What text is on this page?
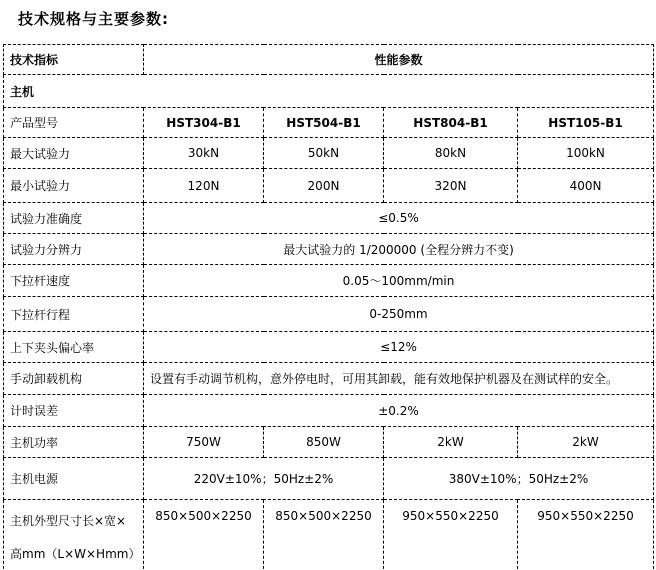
技术规格与主要参数:
技术指标	性能参数			
主机				
产品型号	HST304-B1	HST504-B1	HST804-B1	HST105-B1
最大试验力	30kN	50kN	80kN	100kN
最小试验力	120N	200N	320N	400N
试验力准确度	≤0.5%			
试验力分辨力	最大试验力的 1/200000 (全程分辨力不变)			
下拉杆速度	0.05～100mm/min			
下拉杆行程	0-250mm			
上下夹头偏心率	≤12%			
手动卸载机构	设置有手动调节机构，意外停电时，可用其卸载，能有效地保护机器及在测试样的安全。			
计时误差	±0.2%			
主机功率	750W	850W	2kW	2kW
主机电源	220V±10%；50Hz±2%		380V±10%；50Hz±2%	
主机外型尺寸长×宽×高mm（L×W×Hmm）	850×500×2250	850×500×2250	950×550×2250	950×550×2250
